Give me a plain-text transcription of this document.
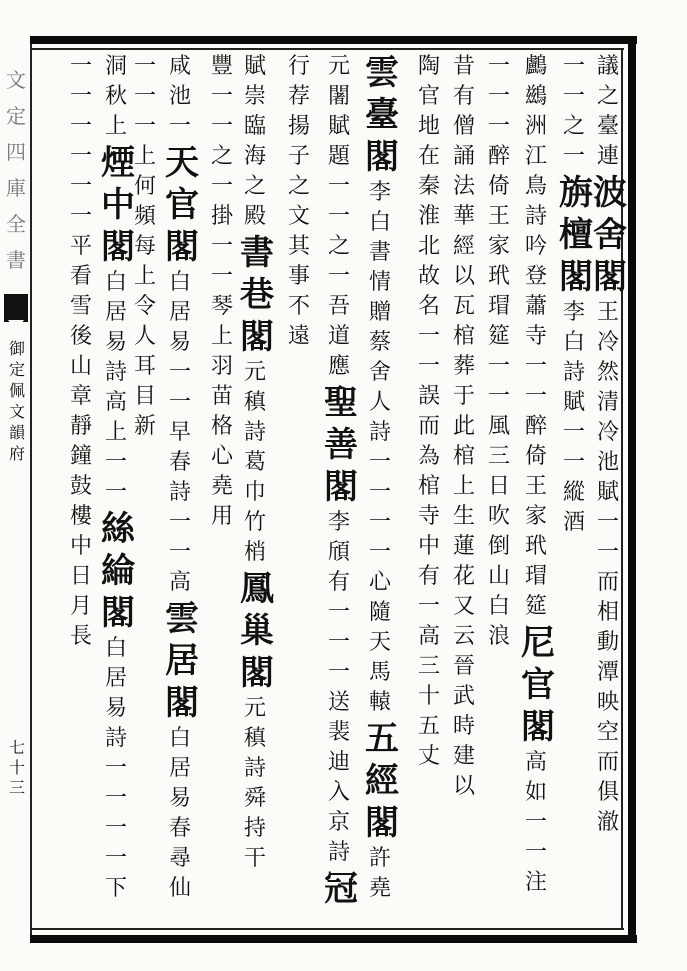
文定四庫全書
御定佩文韻府
七十三
議
之
臺
連
波
舍
閣
王
冷
然
清
冷
池
賦
一
一
而
相
動
潭
映
空
而
俱
澈
一
一
之
一
旃
檀
閣
李
白
詩
賦
一
一
縱
酒
鸕
鷀
洲
江
鳥
詩
吟
登
蕭
寺
一
一
醉
倚
王
家
玳
瑁
筵
尼
官
閣
高
如
一
一
注
一
一
一
醉
倚
王
家
玳
瑁
筵
一
一
風
三
日
吹
倒
山
白
浪
昔
有
僧
誦
法
華
經
以
瓦
棺
葬
于
此
棺
上
生
蓮
花
又
云
晉
武
時
建
以
陶
官
地
在
秦
淮
北
故
名
一
一
誤
而
為
棺
寺
中
有
一
高
三
十
五
丈
雲
臺
閣
李
白
書
情
贈
蔡
舍
人
詩
一
一
一
一
心
隨
天
馬
轅
五
經
閣
許
堯
元
闍
賦
題
一
一
之
一
吾
道
應
聖
善
閣
李
頎
有
一
一
一
送
裴
迪
入
京
詩
冠
行
荐
揚
子
之
文
其
事
不
遠
賦
崇
臨
海
之
殿
書
巷
閣
元
稹
詩
葛
巾
竹
梢
鳳
巢
閣
元
稹
詩
舜
持
干
豐
一
一
之
一
掛
一
一
琴
上
羽
苗
格
心
堯
用
咸
池
一
天
官
閣
白
居
易
一
一
早
春
詩
一
一
高
雲
居
閣
白
居
易
春
尋
仙
一
一
一
上
何
頻
每
上
令
人
耳
目
新
洞
秋
上
煙
中
閣
白
居
易
詩
高
上
一
一
絲
綸
閣
白
居
易
詩
一
一
一
一
下
一
一
一
一
一
一
平
看
雪
後
山
章
靜
鐘
鼓
樓
中
日
月
長
